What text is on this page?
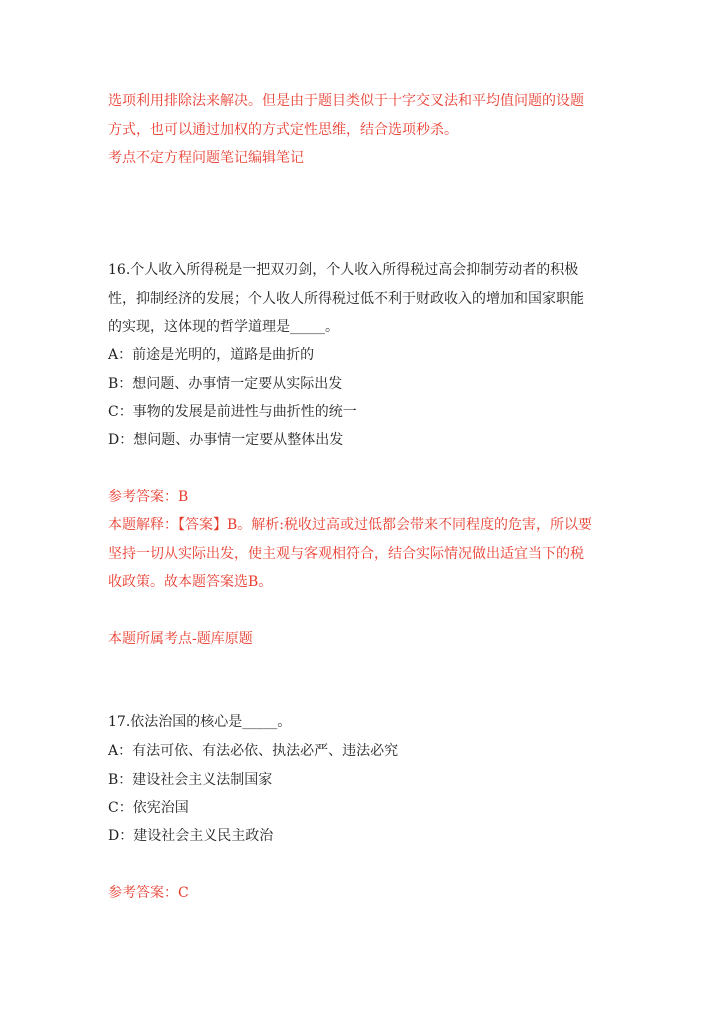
选项利用排除法来解决。但是由于题目类似于十字交叉法和平均值问题的设题
方式，也可以通过加权的方式定性思维，结合选项秒杀。
考点不定方程问题笔记编辑笔记
16.个人收入所得税是一把双刃剑，个人收入所得税过高会抑制劳动者的积极
性，抑制经济的发展；个人收人所得税过低不利于财政收入的增加和国家职能
的实现，这体现的哲学道理是_____。
A：前途是光明的，道路是曲折的
B：想问题、办事情一定要从实际出发
C：事物的发展是前进性与曲折性的统一
D：想问题、办事情一定要从整体出发
参考答案：B
本题解释：【答案】B。解析:税收过高或过低都会带来不同程度的危害，所以要
坚持一切从实际出发，使主观与客观相符合，结合实际情况做出适宜当下的税
收政策。故本题答案选B。
本题所属考点-题库原题
17.依法治国的核心是_____。
A：有法可依、有法必依、执法必严、违法必究
B：建设社会主义法制国家
C：依宪治国
D：建设社会主义民主政治
参考答案：C
